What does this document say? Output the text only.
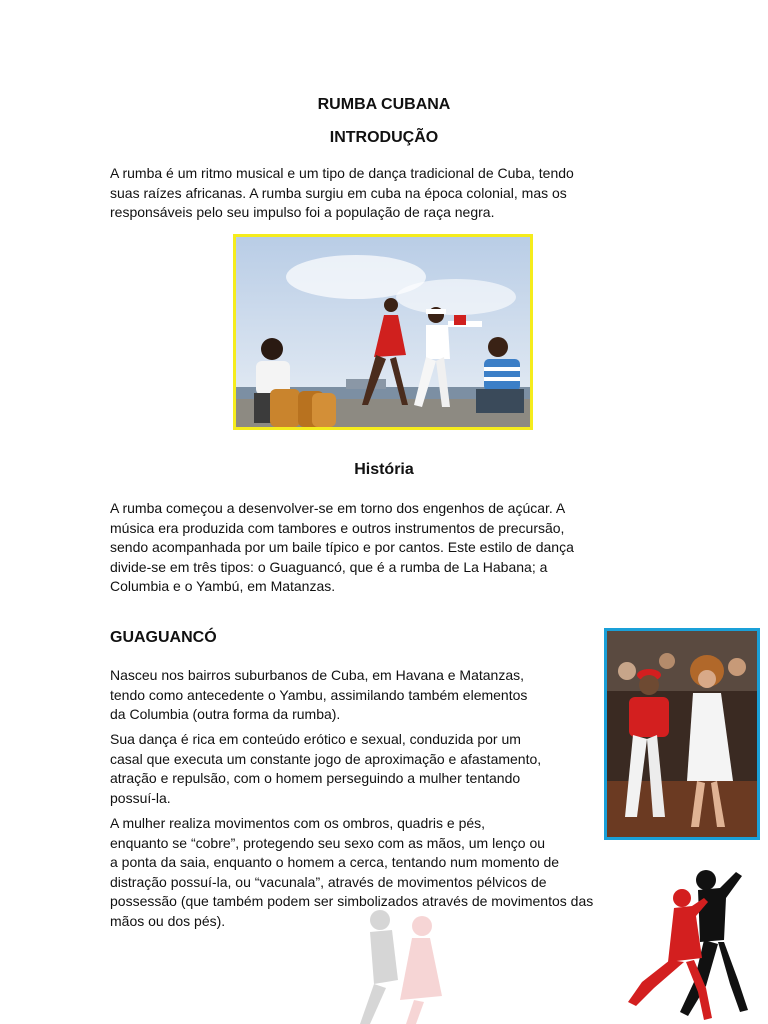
RUMBA CUBANA
INTRODUÇÃO

A rumba é um ritmo musical e um tipo de dança tradicional de Cuba, tendo

suas raízes africanas. A rumba surgiu em cuba na época colonial, mas os

responsáveis pelo seu impulso foi a população de raça negra.

História

A rumba começou a desenvolver-se em torno dos engenhos de açúcar. A

música era produzida com tambores e outros instrumentos de precursão,

sendo acompanhada por um baile típico e por cantos. Este estilo de dança

divide-se em três tipos: o Guaguancó, que é a rumba de La Habana; a

Columbia e o Yambú, em Matanzas.

GUAGUANCÓ

Nasceu nos bairros suburbanos de Cuba, em Havana e Matanzas,

tendo como antecedente o Yambu, assimilando também elementos

da Columbia (outra forma da rumba).

Sua dança é rica em conteúdo erótico e sexual, conduzida por um

casal que executa um constante jogo de aproximação e afastamento,

atração e repulsão, com o homem perseguindo a mulher tentando

possuí-la.

A mulher realiza movimentos com os ombros, quadris e pés,

enquanto se “cobre”, protegendo seu sexo com as mãos, um lenço ou

a ponta da saia, enquanto o homem a cerca, tentando num momento de

distração possuí-la, ou “vacunala”, através de movimentos pélvicos de

possessão (que também podem ser simbolizados através de movimentos das

mãos ou dos pés).
